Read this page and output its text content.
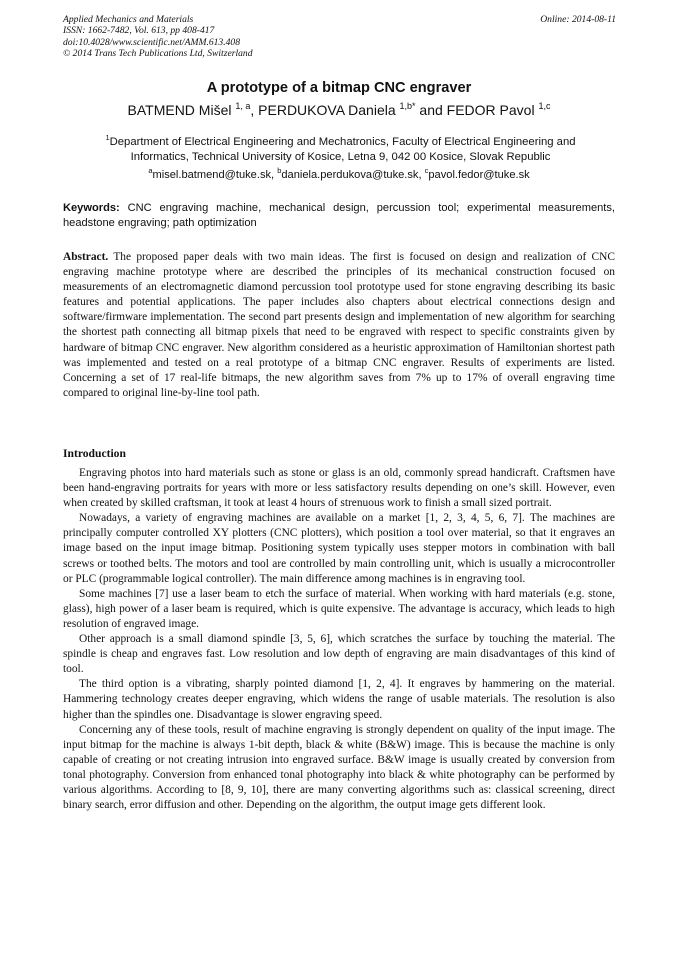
Applied Mechanics and Materials
ISSN: 1662-7482, Vol. 613, pp 408-417
doi:10.4028/www.scientific.net/AMM.613.408
© 2014 Trans Tech Publications Ltd, Switzerland
Online: 2014-08-11
A prototype of a bitmap CNC engraver
BATMEND Mišel $^{1, a}$, PERDUKOVA Daniela $^{1,b*}$ and FEDOR Pavol $^{1,c}$
$^1$Department of Electrical Engineering and Mechatronics, Faculty of Electrical Engineering and Informatics, Technical University of Kosice, Letna 9, 042 00 Kosice, Slovak Republic
$^a$misel.batmend@tuke.sk, $^b$daniela.perdukova@tuke.sk, $^c$pavol.fedor@tuke.sk
Keywords: CNC engraving machine, mechanical design, percussion tool; experimental measurements, headstone engraving; path optimization
Abstract. The proposed paper deals with two main ideas. The first is focused on design and realization of CNC engraving machine prototype where are described the principles of its mechanical construction focused on measurements of an electromagnetic diamond percussion tool prototype used for stone engraving describing its basic features and potential applications. The paper includes also chapters about electrical connections design and software/firmware implementation. The second part presents design and implementation of new algorithm for searching the shortest path connecting all bitmap pixels that need to be engraved with respect to specific constraints given by hardware of bitmap CNC engraver. New algorithm considered as a heuristic approximation of Hamiltonian shortest path was implemented and tested on a real prototype of a bitmap CNC engraver. Results of experiments are listed. Concerning a set of 17 real-life bitmaps, the new algorithm saves from 7% up to 17% of overall engraving time compared to original line-by-line tool path.
Introduction

Engraving photos into hard materials such as stone or glass is an old, commonly spread handicraft. Craftsmen have been hand-engraving portraits for years with more or less satisfactory results depending on one’s skill. However, even when created by skilled craftsman, it took at least 4 hours of strenuous work to finish a small sized portrait.

Nowadays, a variety of engraving machines are available on a market [1, 2, 3, 4, 5, 6, 7]. The machines are principally computer controlled XY plotters (CNC plotters), which position a tool over material, so that it engraves an image based on the input image bitmap. Positioning system typically uses stepper motors in combination with ball screws or toothed belts. The motors and tool are controlled by main controlling unit, which is usually a microcontroller or PLC (programmable logical controller). The main difference among machines is in engraving tool.

Some machines [7] use a laser beam to etch the surface of material. When working with hard materials (e.g. stone, glass), high power of a laser beam is required, which is quite expensive. The advantage is accuracy, which leads to high resolution of engraved image.

Other approach is a small diamond spindle [3, 5, 6], which scratches the surface by touching the material. The spindle is cheap and engraves fast. Low resolution and low depth of engraving are main disadvantages of this kind of tool.

The third option is a vibrating, sharply pointed diamond [1, 2, 4]. It engraves by hammering on the material. Hammering technology creates deeper engraving, which widens the range of usable materials. The resolution is also higher than the spindles one. Disadvantage is slower engraving speed.

Concerning any of these tools, result of machine engraving is strongly dependent on quality of the input image. The input bitmap for the machine is always 1-bit depth, black & white (B&W) image. This is because the machine is only capable of creating or not creating intrusion into engraved surface. B&W image is usually created by conversion from tonal photography. Conversion from enhanced tonal photography into black & white photography can be performed by various algorithms. According to [8, 9, 10], there are many converting algorithms such as: classical screening, direct binary search, error diffusion and other. Depending on the algorithm, the output image gets different look.
